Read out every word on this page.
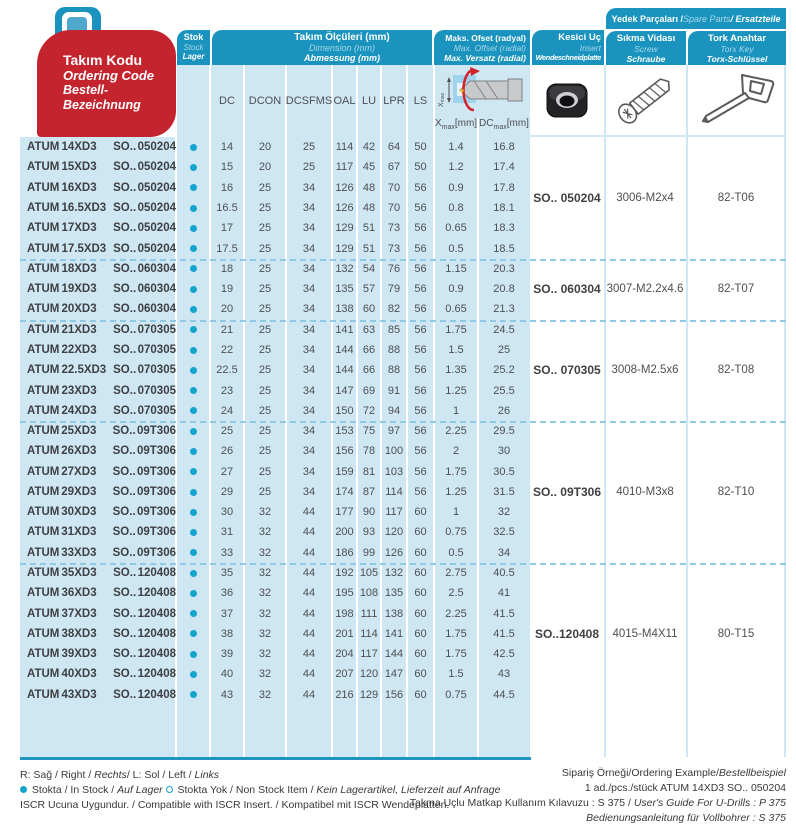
Takım Kodu
Ordering Code
Bestell-Bezeichnung
Stok
Stock
Lager
Takım Ölçüleri (mm)
Dimension (mm)
Abmessung (mm)
Maks. Ofset (radyal)
Max. Offset (radial)
Max. Versatz (radial)
Kesici Uç
Insert
Wendeschneidplatte
Yedek Parçaları / Spare Parts / Ersatzteile
Sıkma Vidası
Screw
Schraube
Tork Anahtar
Torx Key
Torx-Schlüssel
DC	DCON DCSFMS OAL LU LPR LS
$X_{max}[mm]$ $DC_{max}[mm]$
Xmax
✶
ATUM 14XD3	SO.. 050204	14	20	25	114 42	64	50	1.4	16.8
ATUM 15XD3	SO.. 050204	15	20	25	117 45	67	50	1.2	17.4
ATUM 16XD3	SO.. 050204	16	25	34	126 48	70	56	0.9	17.8
ATUM 16.5XD3 SO.. 050204	16.5	25	34	126 48	70	56	0.8	18.1
ATUM 17XD3	SO.. 050204	17	25	34	129 51	73	56	0.65	18.3
ATUM 17.5XD3 SO.. 050204	17.5	25	34	129 51	73	56	0.5	18.5
ATUM 18XD3	SO.. 060304	18	25	34	132 54	76	56	1.15	20.3
ATUM 19XD3	SO.. 060304	19	25	34	135 57	79	56	0.9	20.8
ATUM 20XD3	SO.. 060304	20	25	34	138 60	82	56	0.65	21.3
ATUM 21XD3	SO.. 070305	21	25	34	141 63	85	56	1.75	24.5
ATUM 22XD3	SO.. 070305	22	25	34	144 66	88	56	1.5	25
ATUM 22.5XD3 SO.. 070305	22.5	25	34	144 66	88	56	1.35	25.2
ATUM 23XD3	SO.. 070305	23	25	34	147 69	91	56	1.25	25.5
ATUM 24XD3	SO.. 070305	24	25	34	150 72	94	56	1	26
ATUM 25XD3	SO.. 09T306	25	25	34	153 75	97	56	2.25	29.5
ATUM 26XD3	SO.. 09T306	26	25	34	156 78 100	56	2	30
ATUM 27XD3	SO.. 09T306	27	25	34	159 81 103	56	1.75	30.5
ATUM 29XD3	SO.. 09T306	29	25	34	174 87 114	56	1.25	31.5
ATUM 30XD3	SO.. 09T306	30	32	44	177 90 117	60	1	32
ATUM 31XD3	SO.. 09T306	31	32	44	200 93 120	60	0.75	32.5
ATUM 33XD3	SO.. 09T306	33	32	44	186 99 126	60	0.5	34
ATUM 35XD3	SO.. 120408	35	32	44	192 105 132	60	2.75	40.5
ATUM 36XD3	SO.. 120408	36	32	44	195 108 135	60	2.5	41
ATUM 37XD3	SO.. 120408	37	32	44	198 111 138	60	2.25	41.5
ATUM 38XD3	SO.. 120408	38	32	44	201 114 141	60	1.75	41.5
ATUM 39XD3	SO.. 120408	39	32	44	204 117 144	60	1.75	42.5
ATUM 40XD3	SO.. 120408	40	32	44	207 120 147	60	1.5	43
ATUM 43XD3	SO.. 120408	43	32	44	216 129 156	60	0.75	44.5
SO.. 050204	3006-M2x4	82-T06
SO.. 060304 3007-M2.2x4.6	82-T07
SO.. 070305 3008-M2.5x6	82-T08
SO.. 09T306	4010-M3x8	82-T10
SO..120408	4015-M4X11	80-T15
R: Sağ / Right / Rechts/ L: Sol / Left / Links
Stokta / In Stock / Auf Lager  Stokta Yok / Non Stock Item / Kein Lagerartikel, Lieferzeit auf Anfrage
ISCR Ucuna Uygundur. / Compatible with ISCR Insert. / Kompatibel mit ISCR Wendeplatten.
Sipariş Örneği/Ordering Example/Bestellbeispiel
1 ad./pcs./stück ATUM 14XD3 SO.. 050204
Takma Uçlu Matkap Kullanım Kılavuzu : S 375 / User's Guide For U-Drills : P 375
Bedienungsanleitung für Vollbohrer : S 375
